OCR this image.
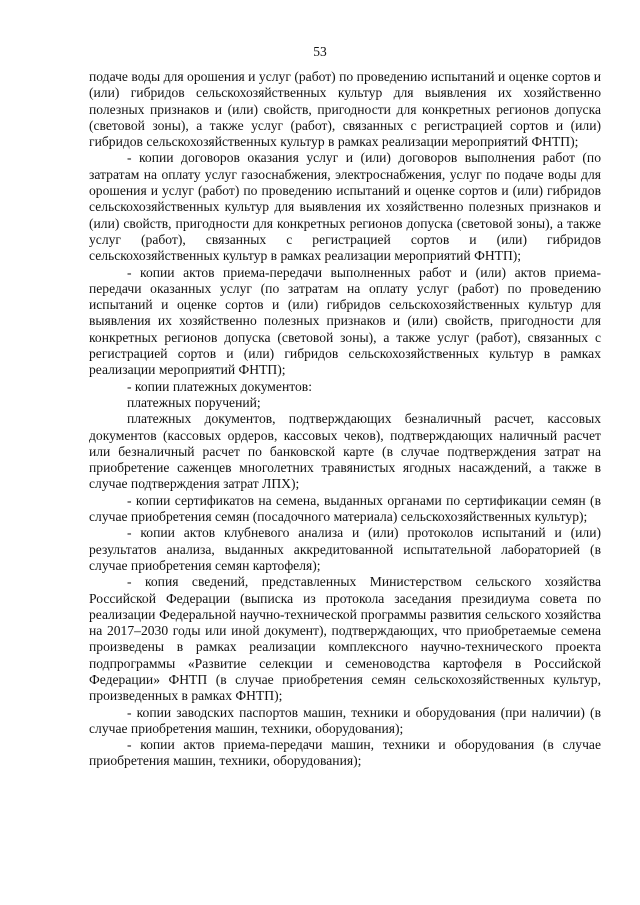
53

подаче воды для орошения и услуг (работ) по проведению испытаний и оценке сортов и (или) гибридов сельскохозяйственных культур для выявления их хозяйственно полезных признаков и (или) свойств, пригодности для конкретных регионов допуска (световой зоны), а также услуг (работ), связанных с регистрацией сортов и (или) гибридов сельскохозяйственных культур в рамках реализации мероприятий ФНТП);

- копии договоров оказания услуг и (или) договоров выполнения работ (по затратам на оплату услуг газоснабжения, электроснабжения, услуг по подаче воды для орошения и услуг (работ) по проведению испытаний и оценке сортов и (или) гибридов сельскохозяйственных культур для выявления их хозяйственно полезных признаков и (или) свойств, пригодности для конкретных регионов допуска (световой зоны), а также услуг (работ), связанных с регистрацией сортов и (или) гибридов сельскохозяйственных культур в рамках реализации мероприятий ФНТП);

- копии актов приема-передачи выполненных работ и (или) актов приема-передачи оказанных услуг (по затратам на оплату услуг (работ) по проведению испытаний и оценке сортов и (или) гибридов сельскохозяйственных культур для выявления их хозяйственно полезных признаков и (или) свойств, пригодности для конкретных регионов допуска (световой зоны), а также услуг (работ), связанных с регистрацией сортов и (или) гибридов сельскохозяйственных культур в рамках реализации мероприятий ФНТП);

- копии платежных документов:

платежных поручений;

платежных документов, подтверждающих безналичный расчет, кассовых документов (кассовых ордеров, кассовых чеков), подтверждающих наличный расчет или безналичный расчет по банковской карте (в случае подтверждения затрат на приобретение саженцев многолетних травянистых ягодных насаждений, а также в случае подтверждения затрат ЛПХ);

- копии сертификатов на семена, выданных органами по сертификации семян (в случае приобретения семян (посадочного материала) сельскохозяйственных культур);

- копии актов клубневого анализа и (или) протоколов испытаний и (или) результатов анализа, выданных аккредитованной испытательной лабораторией (в случае приобретения семян картофеля);

- копия сведений, представленных Министерством сельского хозяйства Российской Федерации (выписка из протокола заседания президиума совета по реализации Федеральной научно-технической программы развития сельского хозяйства на 2017–2030 годы или иной документ), подтверждающих, что приобретаемые семена произведены в рамках реализации комплексного научно-технического проекта подпрограммы «Развитие селекции и семеноводства картофеля в Российской Федерации» ФНТП (в случае приобретения семян сельскохозяйственных культур, произведенных в рамках ФНТП);

- копии заводских паспортов машин, техники и оборудования (при наличии) (в случае приобретения машин, техники, оборудования);

- копии актов приема-передачи машин, техники и оборудования (в случае приобретения машин, техники, оборудования);
